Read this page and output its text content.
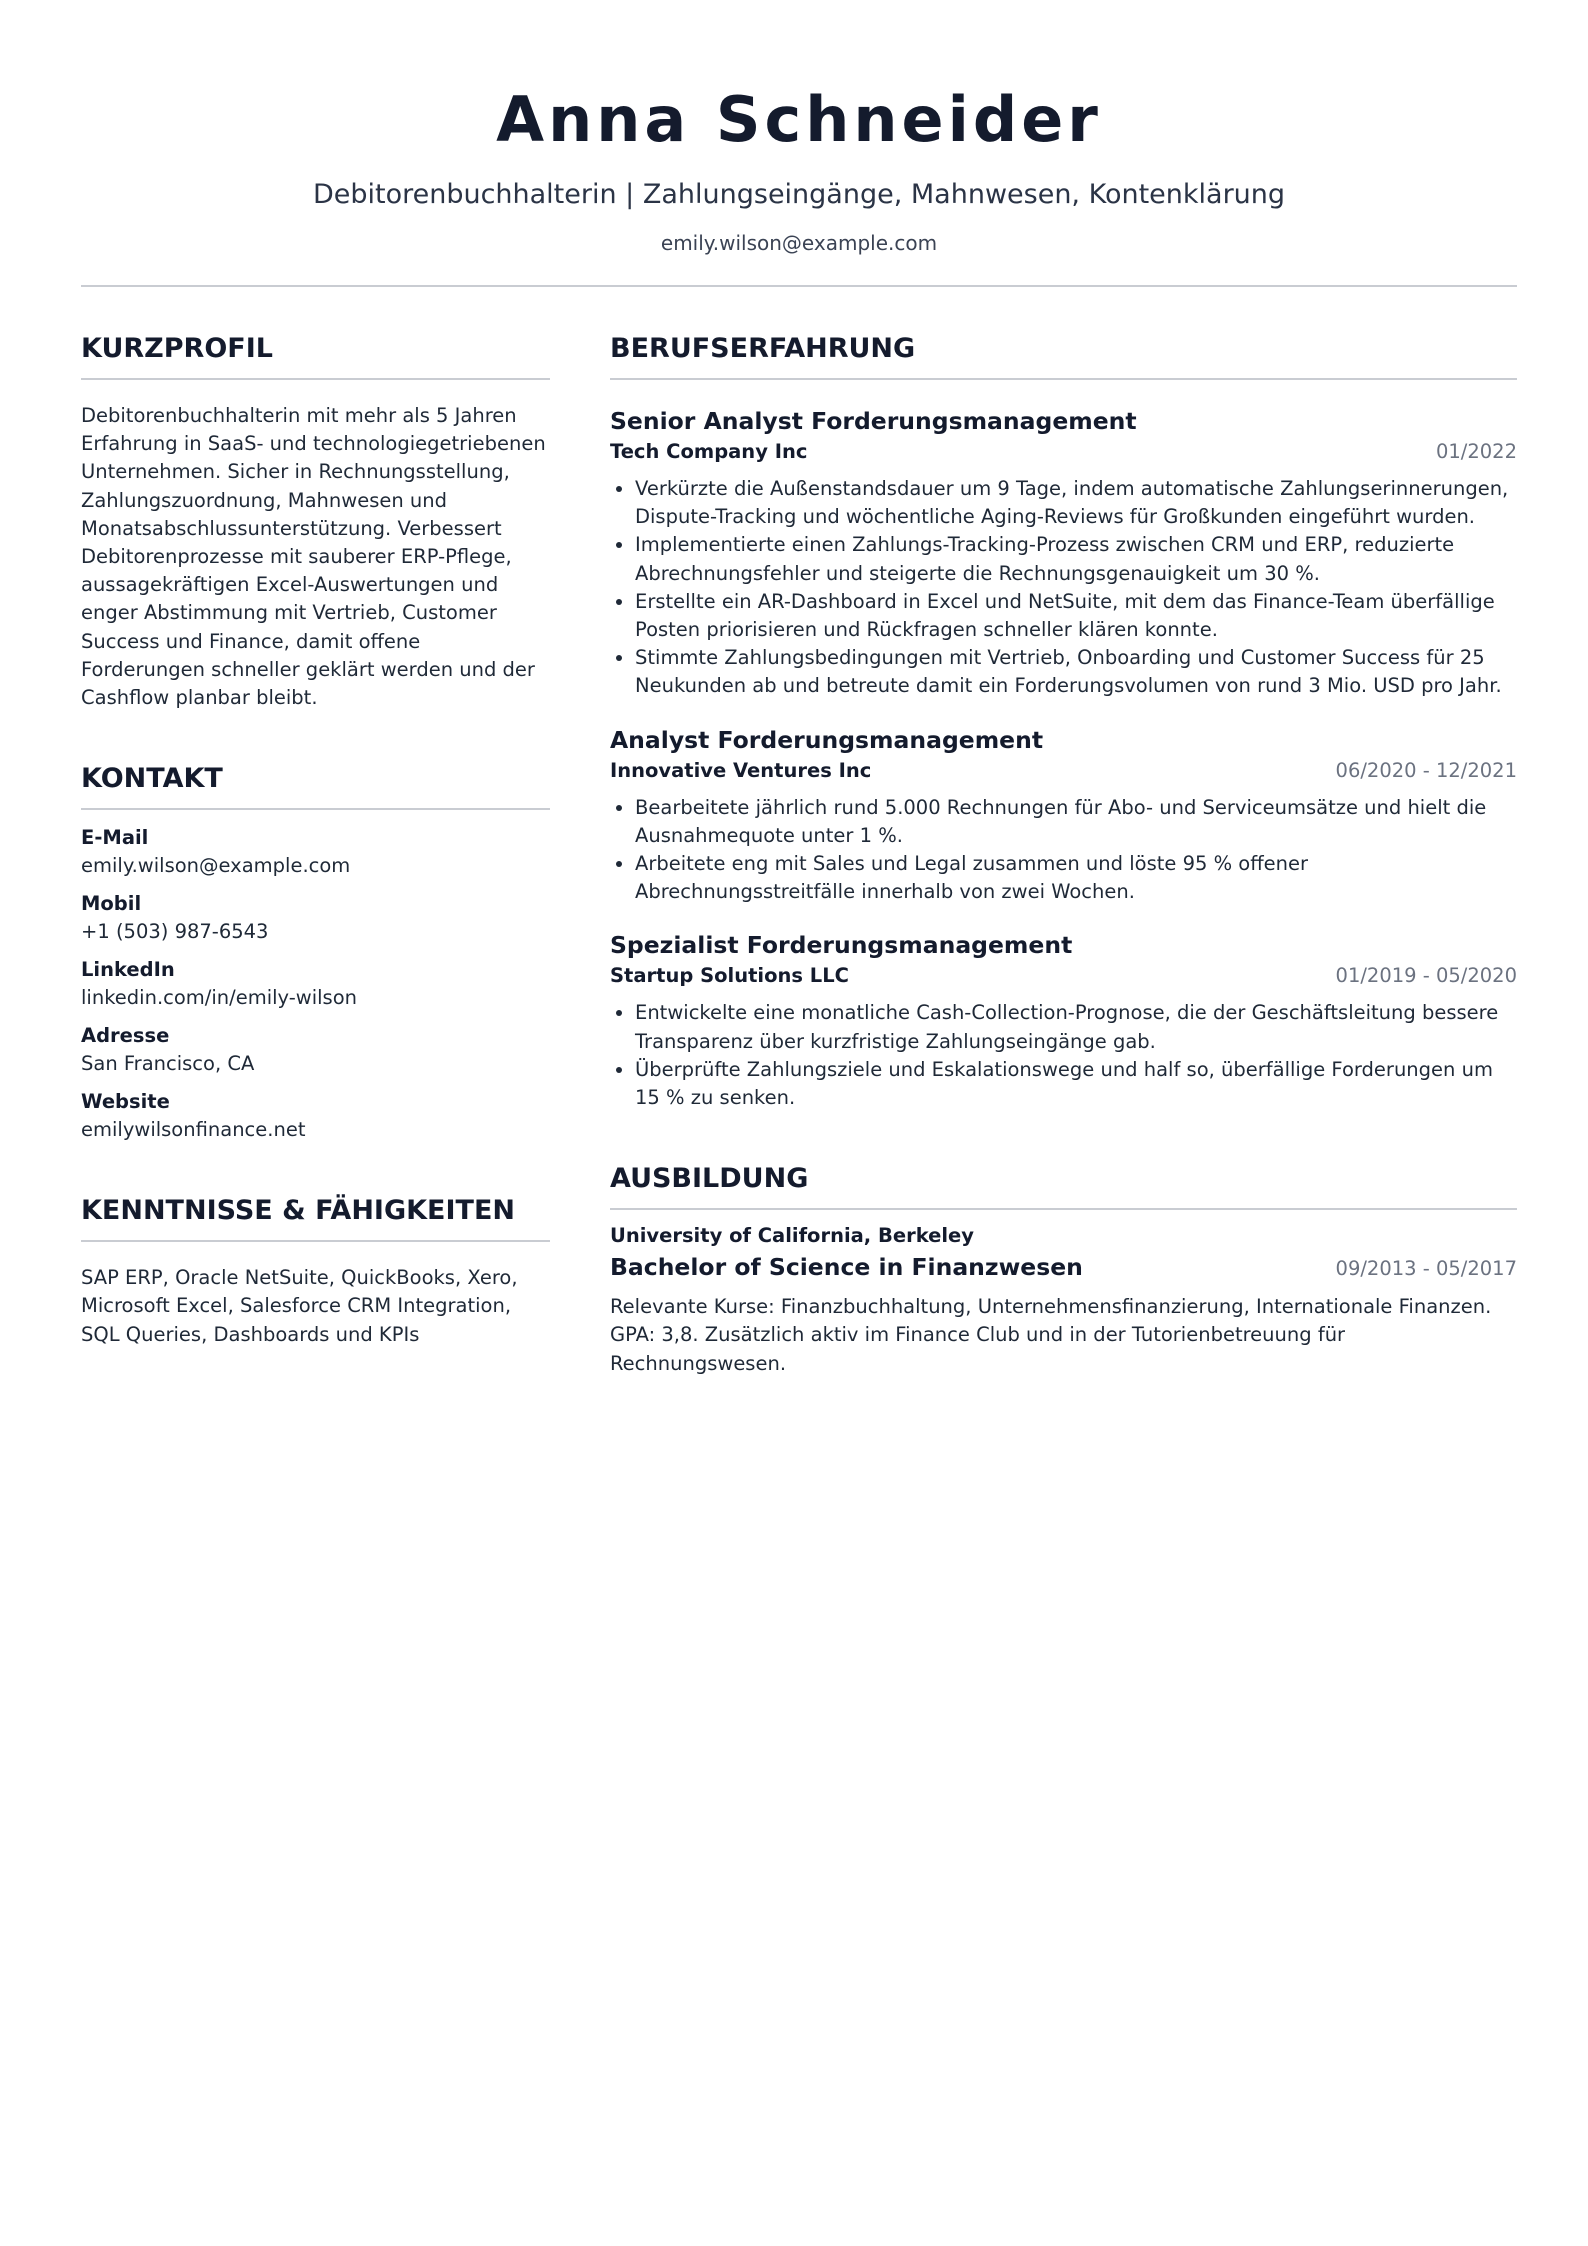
Anna Schneider
Debitorenbuchhalterin | Zahlungseingänge, Mahnwesen, Kontenklärung
emily.wilson@example.com
KURZPROFIL
Debitorenbuchhalterin mit mehr als 5 Jahren Erfahrung in SaaS- und technologiegetriebenen Unternehmen. Sicher in Rechnungsstellung, Zahlungszuordnung, Mahnwesen und Monatsabschlussunterstützung. Verbessert Debitorenprozesse mit sauberer ERP-Pflege, aussagekräftigen Excel-Auswertungen und enger Abstimmung mit Vertrieb, Customer Success und Finance, damit offene Forderungen schneller geklärt werden und der Cashflow planbar bleibt.
KONTAKT
E-Mail
emily.wilson@example.com
Mobil
+1 (503) 987-6543
LinkedIn
linkedin.com/in/emily-wilson
Adresse
San Francisco, CA
Website
emilywilsonfinance.net
KENNTNISSE & FÄHIGKEITEN
SAP ERP, Oracle NetSuite, QuickBooks, Xero, Microsoft Excel, Salesforce CRM Integration, SQL Queries, Dashboards und KPIs
BERUFSERFAHRUNG
Senior Analyst Forderungsmanagement
Tech Company Inc	01/2022
• Verkürzte die Außenstandsdauer um 9 Tage, indem automatische Zahlungserinnerungen, Dispute-Tracking und wöchentliche Aging-Reviews für Großkunden eingeführt wurden.
• Implementierte einen Zahlungs-Tracking-Prozess zwischen CRM und ERP, reduzierte Abrechnungsfehler und steigerte die Rechnungsgenauigkeit um 30 %.
• Erstellte ein AR-Dashboard in Excel und NetSuite, mit dem das Finance-Team überfällige Posten priorisieren und Rückfragen schneller klären konnte.
• Stimmte Zahlungsbedingungen mit Vertrieb, Onboarding und Customer Success für 25 Neukunden ab und betreute damit ein Forderungsvolumen von rund 3 Mio. USD pro Jahr.
Analyst Forderungsmanagement
Innovative Ventures Inc	06/2020 - 12/2021
• Bearbeitete jährlich rund 5.000 Rechnungen für Abo- und Serviceumsätze und hielt die Ausnahmequote unter 1 %.
• Arbeitete eng mit Sales und Legal zusammen und löste 95 % offener Abrechnungsstreitfälle innerhalb von zwei Wochen.
Spezialist Forderungsmanagement
Startup Solutions LLC	01/2019 - 05/2020
• Entwickelte eine monatliche Cash-Collection-Prognose, die der Geschäftsleitung bessere Transparenz über kurzfristige Zahlungseingänge gab.
• Überprüfte Zahlungsziele und Eskalationswege und half so, überfällige Forderungen um 15 % zu senken.
AUSBILDUNG
University of California, Berkeley
Bachelor of Science in Finanzwesen	09/2013 - 05/2017
Relevante Kurse: Finanzbuchhaltung, Unternehmensfinanzierung, Internationale Finanzen. GPA: 3,8. Zusätzlich aktiv im Finance Club und in der Tutorienbetreuung für Rechnungswesen.
